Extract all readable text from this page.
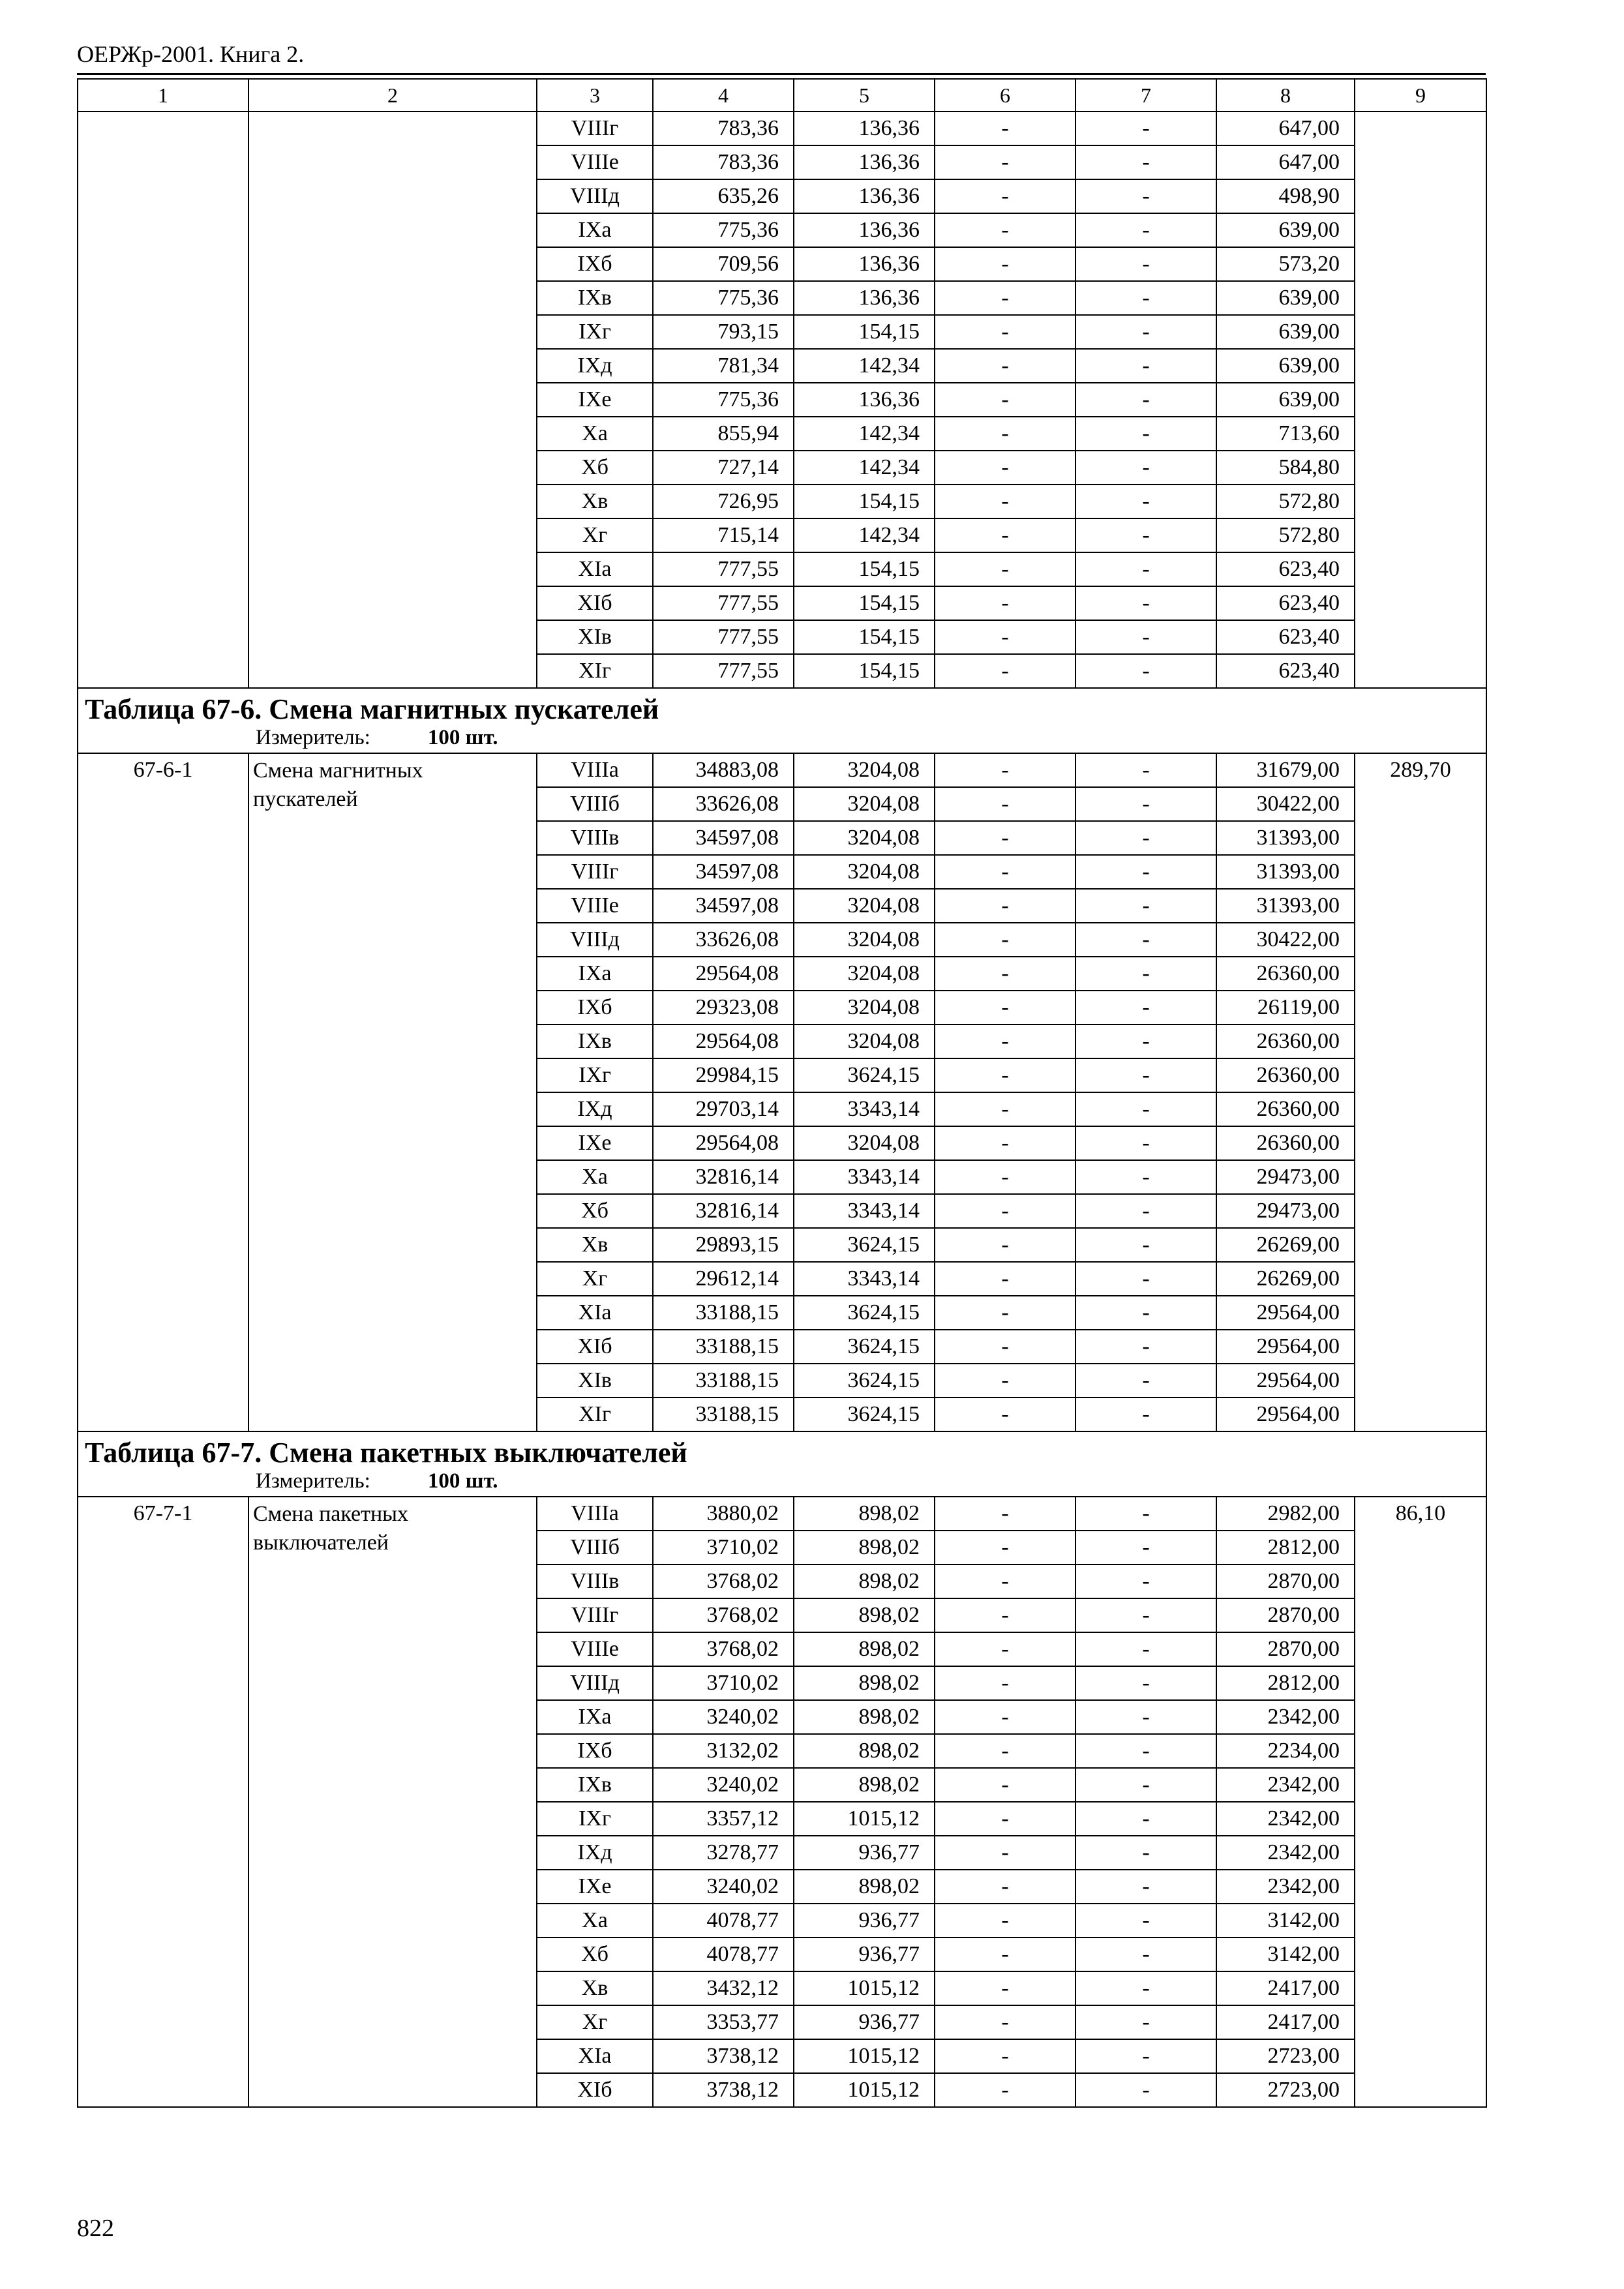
ОЕРЖр-2001. Книга 2.
1	2	3	4	5	6	7	8	9
		VIIIг	783,36	136,36	-	-	647,00	
		VIIIе	783,36	136,36	-	-	647,00	
		VIIIд	635,26	136,36	-	-	498,90	
		IXа	775,36	136,36	-	-	639,00	
		IXб	709,56	136,36	-	-	573,20	
		IXв	775,36	136,36	-	-	639,00	
		IXг	793,15	154,15	-	-	639,00	
		IXд	781,34	142,34	-	-	639,00	
		IXе	775,36	136,36	-	-	639,00	
		Xа	855,94	142,34	-	-	713,60	
		Xб	727,14	142,34	-	-	584,80	
		Xв	726,95	154,15	-	-	572,80	
		Xг	715,14	142,34	-	-	572,80	
		XIа	777,55	154,15	-	-	623,40	
		XIб	777,55	154,15	-	-	623,40	
		XIв	777,55	154,15	-	-	623,40	
		XIг	777,55	154,15	-	-	623,40	

Таблица 67-6. Смена магнитных пускателей
Измеритель: 100 шт.								

67-6-1	Смена магнитных пускателей	VIIIа	34883,08	3204,08	-	-	31679,00	289,70
		VIIIб	33626,08	3204,08	-	-	30422,00	
		VIIIв	34597,08	3204,08	-	-	31393,00	
		VIIIг	34597,08	3204,08	-	-	31393,00	
		VIIIе	34597,08	3204,08	-	-	31393,00	
		VIIIд	33626,08	3204,08	-	-	30422,00	
		IXа	29564,08	3204,08	-	-	26360,00	
		IXб	29323,08	3204,08	-	-	26119,00	
		IXв	29564,08	3204,08	-	-	26360,00	
		IXг	29984,15	3624,15	-	-	26360,00	
		IXд	29703,14	3343,14	-	-	26360,00	
		IXе	29564,08	3204,08	-	-	26360,00	
		Xа	32816,14	3343,14	-	-	29473,00	
		Xб	32816,14	3343,14	-	-	29473,00	
		Xв	29893,15	3624,15	-	-	26269,00	
		Xг	29612,14	3343,14	-	-	26269,00	
		XIа	33188,15	3624,15	-	-	29564,00	
		XIб	33188,15	3624,15	-	-	29564,00	
		XIв	33188,15	3624,15	-	-	29564,00	
		XIг	33188,15	3624,15	-	-	29564,00	

Таблица 67-7. Смена пакетных выключателей
Измеритель: 100 шт.								

67-7-1	Смена пакетных выключателей	VIIIа	3880,02	898,02	-	-	2982,00	86,10
		VIIIб	3710,02	898,02	-	-	2812,00	
		VIIIв	3768,02	898,02	-	-	2870,00	
		VIIIг	3768,02	898,02	-	-	2870,00	
		VIIIе	3768,02	898,02	-	-	2870,00	
		VIIIд	3710,02	898,02	-	-	2812,00	
		IXа	3240,02	898,02	-	-	2342,00	
		IXб	3132,02	898,02	-	-	2234,00	
		IXв	3240,02	898,02	-	-	2342,00	
		IXг	3357,12	1015,12	-	-	2342,00	
		IXд	3278,77	936,77	-	-	2342,00	
		IXе	3240,02	898,02	-	-	2342,00	
		Xа	4078,77	936,77	-	-	3142,00	
		Xб	4078,77	936,77	-	-	3142,00	
		Xв	3432,12	1015,12	-	-	2417,00	
		Xг	3353,77	936,77	-	-	2417,00	
		XIа	3738,12	1015,12	-	-	2723,00	
		XIб	3738,12	1015,12	-	-	2723,00	
822
